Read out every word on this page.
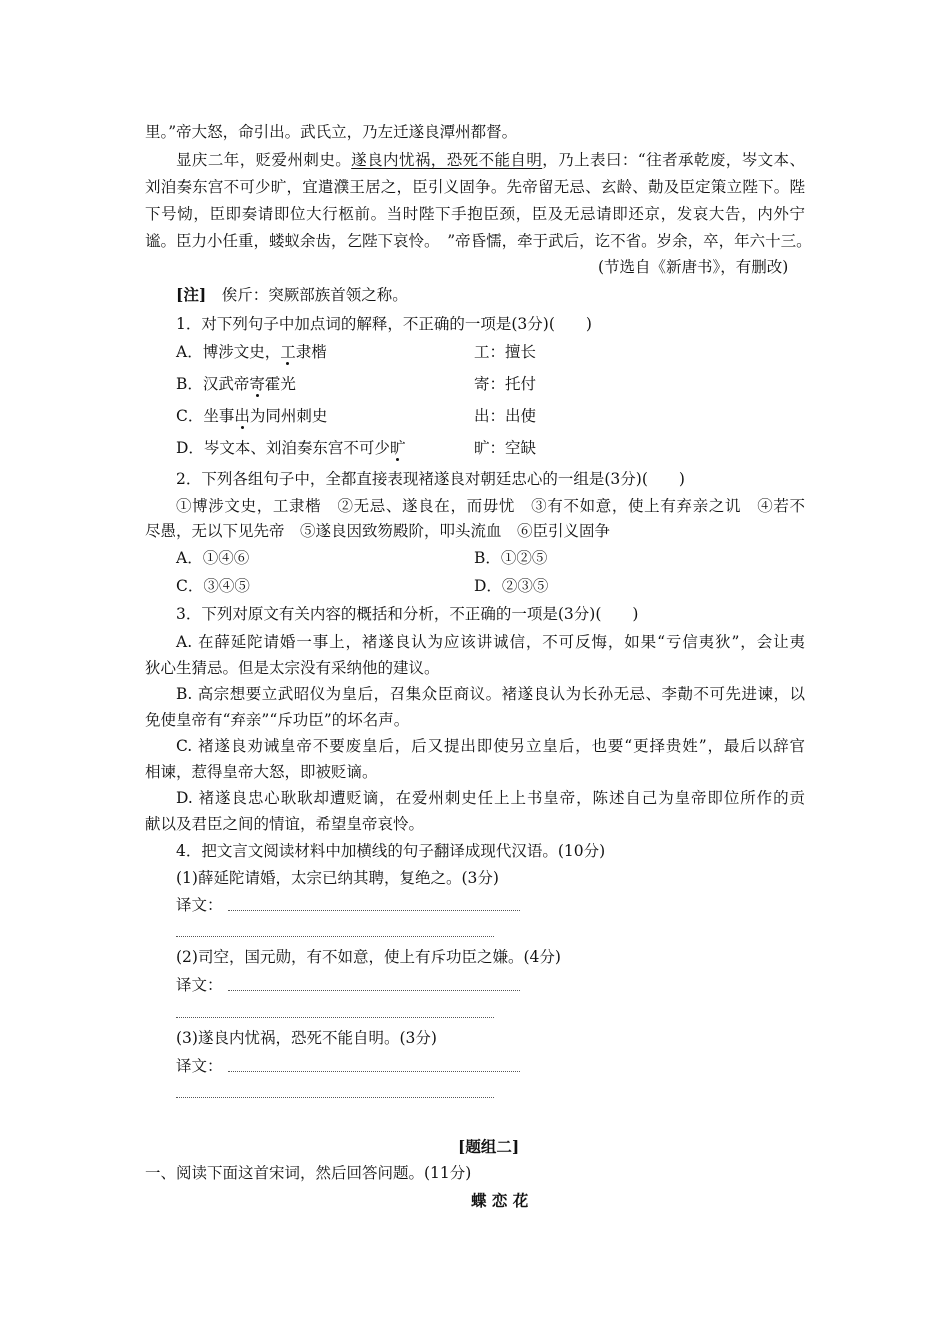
里。”帝大怒，命引出。武氏立，乃左迁遂良潭州都督。
显庆二年，贬爱州刺史。遂良内忧祸，恐死不能自明，乃上表曰：“往者承乾废，岑文本、
刘洎奏东宫不可少旷，宜遣濮王居之，臣引义固争。先帝留无忌、玄龄、勣及臣定策立陛下。陛
下号恸，臣即奏请即位大行柩前。当时陛下手抱臣颈，臣及无忌请即还京，发哀大告，内外宁
谧。臣力小任重，蝼蚁余齿，乞陛下哀怜。　”帝昏懦，牵于武后，讫不省。岁余，卒，年六十三。
(节选自《新唐书》，有删改)
[注]　 俟斤：突厥部族首领之称。
1．对下列句子中加点词的解释，不正确的一项是(3分)(　　)
A．博涉文史，工隶楷	工：擅长
B．汉武帝寄霍光	寄：托付
C．坐事出为同州刺史	出：出使
D．岑文本、刘洎奏东宫不可少旷	旷：空缺
2．下列各组句子中，全都直接表现褚遂良对朝廷忠心的一组是(3分)(　　)
①博涉文史，工隶楷　②无忌、遂良在，而毋忧　③有不如意，使上有弃亲之讥　④若不
尽愚，无以下见先帝　⑤遂良因致笏殿阶，叩头流血　⑥臣引义固争
A．①④⑥	B．①②⑤
C．③④⑤	D．②③⑤
3．下列对原文有关内容的概括和分析，不正确的一项是(3分)(　　)
A. 在薛延陀请婚一事上，褚遂良认为应该讲诚信，不可反悔，如果“亏信夷狄”，会让夷
狄心生猜忌。但是太宗没有采纳他的建议。
B. 高宗想要立武昭仪为皇后，召集众臣商议。褚遂良认为长孙无忌、李勣不可先进谏，以
免使皇帝有“弃亲”“斥功臣”的坏名声。
C. 褚遂良劝诫皇帝不要废皇后，后又提出即使另立皇后，也要“更择贵姓”，最后以辞官
相谏，惹得皇帝大怒，即被贬谪。
D. 褚遂良忠心耿耿却遭贬谪，在爱州刺史任上上书皇帝，陈述自己为皇帝即位所作的贡
献以及君臣之间的情谊，希望皇帝哀怜。
4．把文言文阅读材料中加横线的句子翻译成现代汉语。(10分)
(1)薛延陀请婚，太宗已纳其聘，复绝之。(3分)
译文：
(2)司空，国元勋，有不如意，使上有斥功臣之嫌。(4分)
译文：
(3)遂良内忧祸，恐死不能自明。(3分)
译文：
[题组二]
一、阅读下面这首宋词，然后回答问题。(11分)
蝶 恋 花
